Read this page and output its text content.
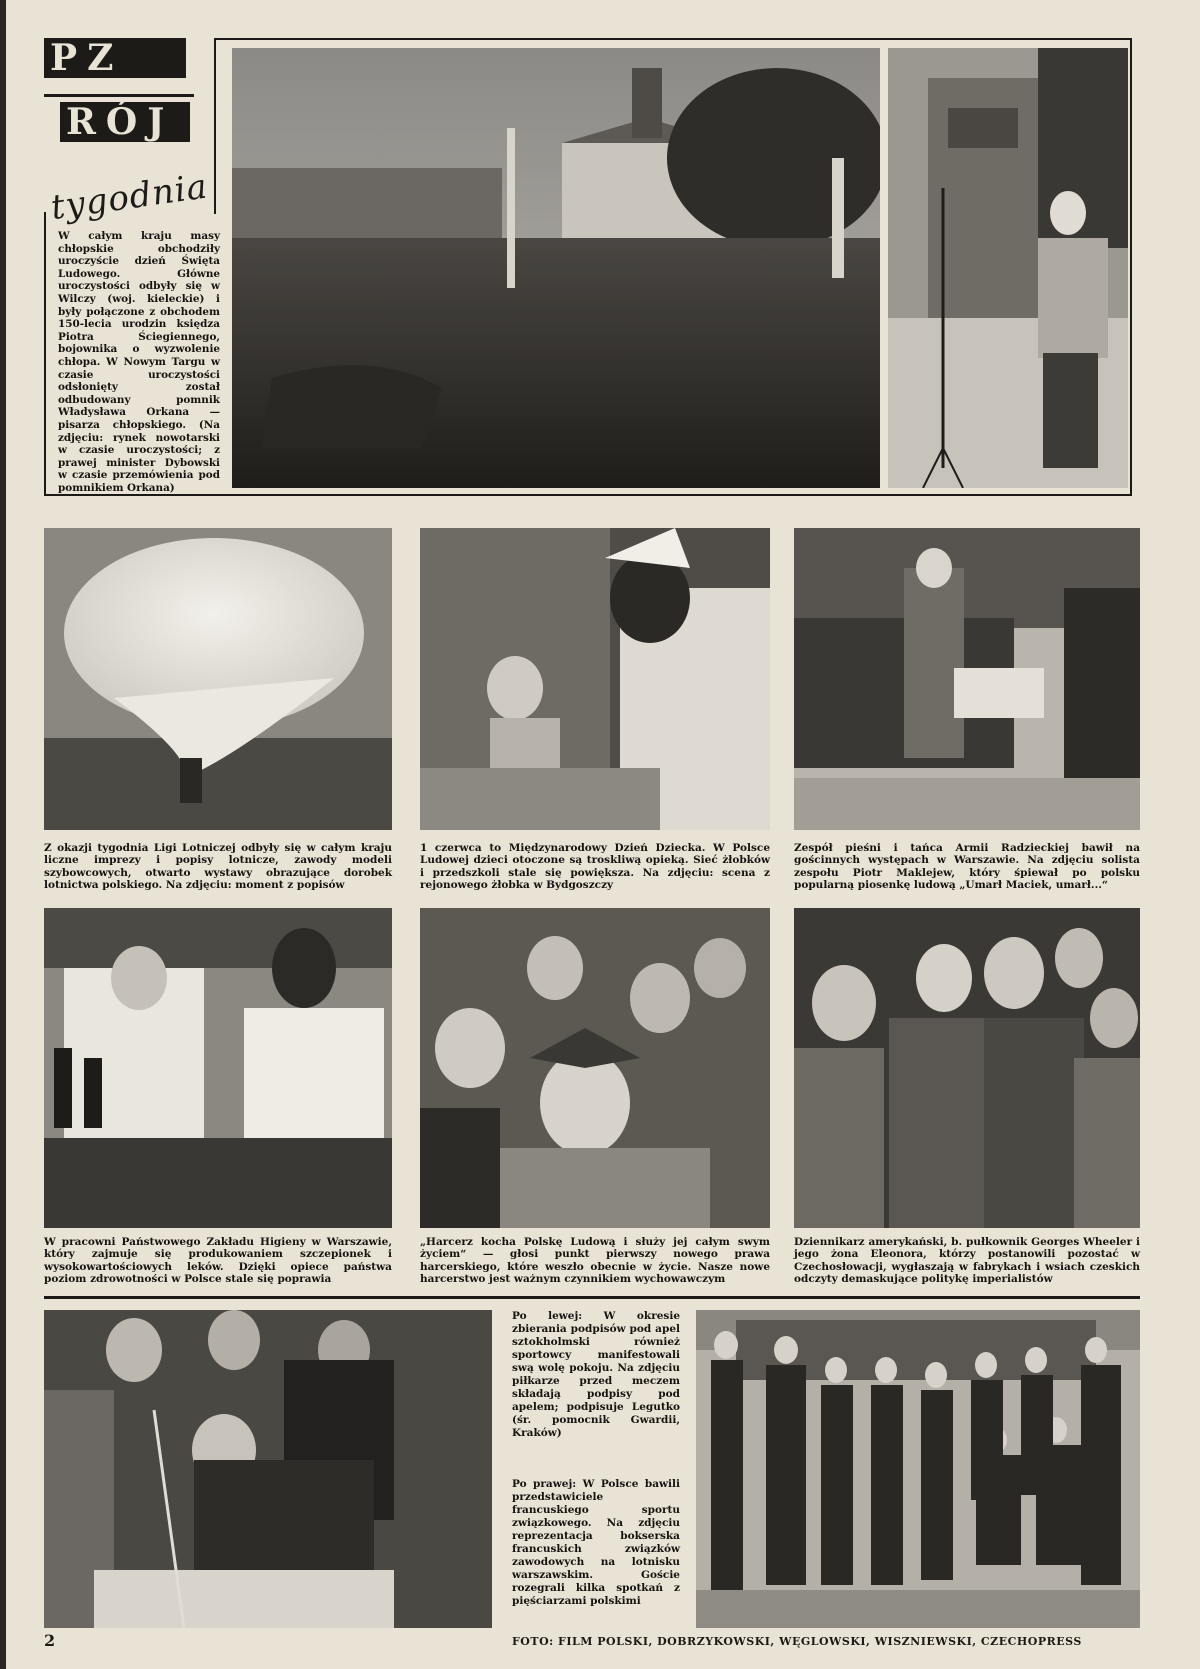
PZ
RÓJ
tygodnia

W całym kraju masy chłopskie obchodziły uroczyście dzień Święta Ludowego. Główne uroczystości odbyły się w Wilczy (woj. kieleckie) i były połączone z obchodem 150-lecia urodzin księdza Piotra Ściegiennego, bojownika o wyzwolenie chłopa. W Nowym Targu w czasie uroczystości odsłonięty został odbudowany pomnik Władysława Orkana — pisarza chłopskiego. (Na zdjęciu: rynek nowotarski w czasie uroczystości; z prawej minister Dybowski w czasie przemówienia pod pomnikiem Orkana)

Z okazji tygodnia Ligi Lotniczej odbyły się w całym kraju liczne imprezy i popisy lotnicze, zawody modeli szybowcowych, otwarto wystawy obrazujące dorobek lotnictwa polskiego. Na zdjęciu: moment z popisów

1 czerwca to Międzynarodowy Dzień Dziecka. W Polsce Ludowej dzieci otoczone są troskliwą opieką. Sieć żłobków i przedszkoli stale się powiększa. Na zdjęciu: scena z rejonowego żłobka w Bydgoszczy

Zespół pieśni i tańca Armii Radzieckiej bawił na gościnnych występach w Warszawie. Na zdjęciu solista zespołu Piotr Maklejew, który śpiewał po polsku popularną piosenkę ludową „Umarł Maciek, umarł...“

W pracowni Państwowego Zakładu Higieny w Warszawie, który zajmuje się produkowaniem szczepionek i wysokowartościowych leków. Dzięki opiece państwa poziom zdrowotności w Polsce stale się poprawia

„Harcerz kocha Polskę Ludową i służy jej całym swym życiem“ — głosi punkt pierwszy nowego prawa harcerskiego, które weszło obecnie w życie. Nasze nowe harcerstwo jest ważnym czynnikiem wychowawczym

Dziennikarz amerykański, b. pułkownik Georges Wheeler i jego żona Eleonora, którzy postanowili pozostać w Czechosłowacji, wygłaszają w fabrykach i wsiach czeskich odczyty demaskujące politykę imperialistów

Po lewej: W okresie zbierania podpisów pod apel sztokholmski również sportowcy manifestowali swą wolę pokoju. Na zdjęciu piłkarze przed meczem składają podpisy pod apelem; podpisuje Legutko (śr. pomocnik Gwardii, Kraków)

Po prawej: W Polsce bawili przedstawiciele francuskiego sportu związkowego. Na zdjęciu reprezentacja bokserska francuskich związków zawodowych na lotnisku warszawskim. Goście rozegrali kilka spotkań z pięściarzami polskimi

2	FOTO: FILM POLSKI, DOBRZYKOWSKI, WĘGLOWSKI, WISZNIEWSKI, CZECHOPRESS
